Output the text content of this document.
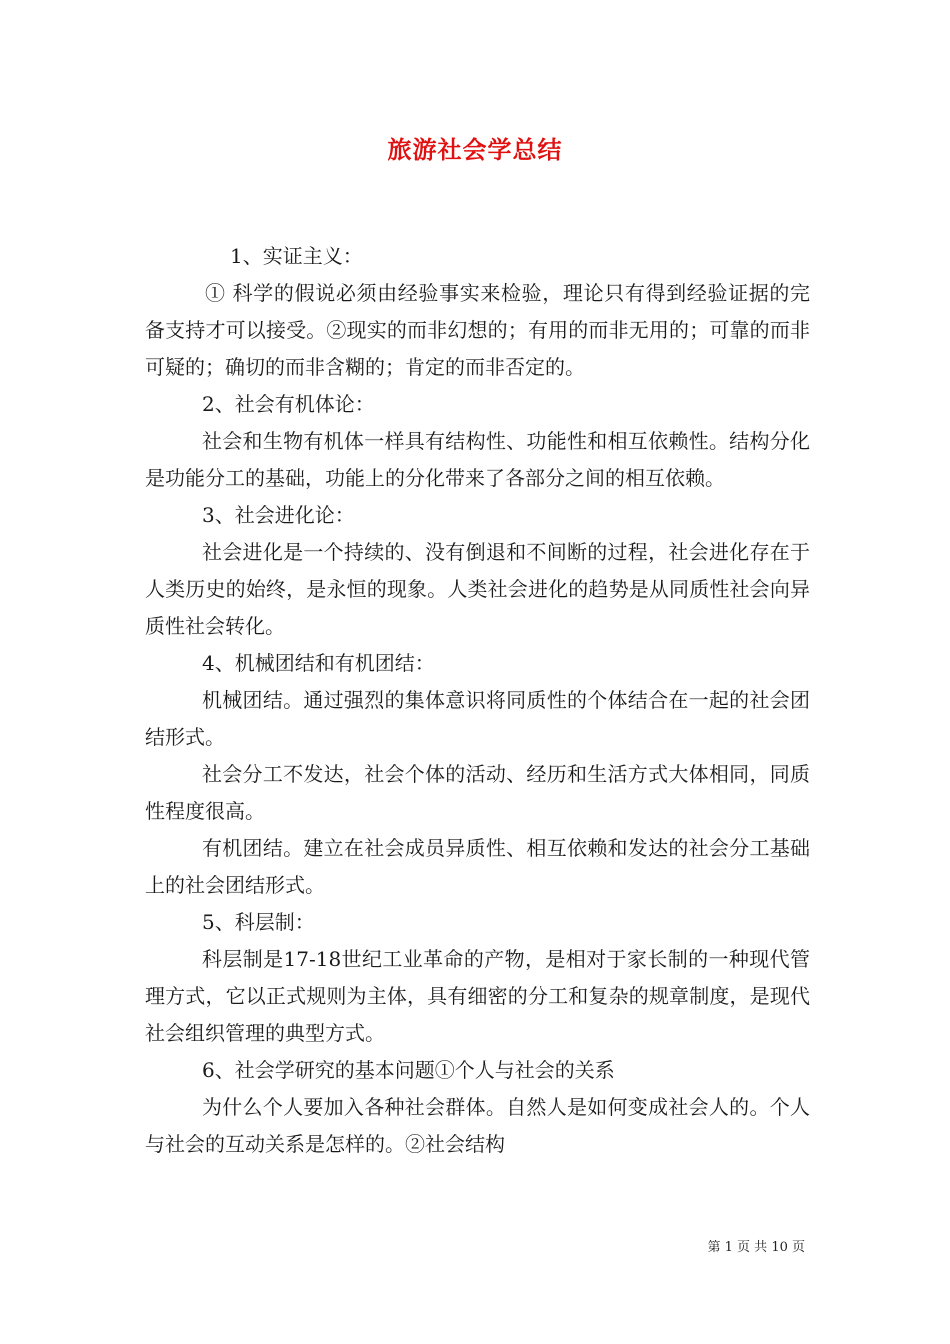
旅游社会学总结

1、实证主义：

① 科学的假说必须由经验事实来检验，理论只有得到经验证据的完备支持才可以接受。②现实的而非幻想的；有用的而非无用的；可靠的而非可疑的；确切的而非含糊的；肯定的而非否定的。

2、社会有机体论：

社会和生物有机体一样具有结构性、功能性和相互依赖性。结构分化是功能分工的基础，功能上的分化带来了各部分之间的相互依赖。

3、社会进化论：

社会进化是一个持续的、没有倒退和不间断的过程，社会进化存在于人类历史的始终，是永恒的现象。人类社会进化的趋势是从同质性社会向异质性社会转化。

4、机械团结和有机团结：

机械团结。通过强烈的集体意识将同质性的个体结合在一起的社会团结形式。

社会分工不发达，社会个体的活动、经历和生活方式大体相同，同质性程度很高。

有机团结。建立在社会成员异质性、相互依赖和发达的社会分工基础上的社会团结形式。

5、科层制：

科层制是17-18世纪工业革命的产物，是相对于家长制的一种现代管理方式，它以正式规则为主体，具有细密的分工和复杂的规章制度，是现代社会组织管理的典型方式。

6、社会学研究的基本问题①个人与社会的关系

为什么个人要加入各种社会群体。自然人是如何变成社会人的。个人与社会的互动关系是怎样的。②社会结构

第 1 页 共 10 页
